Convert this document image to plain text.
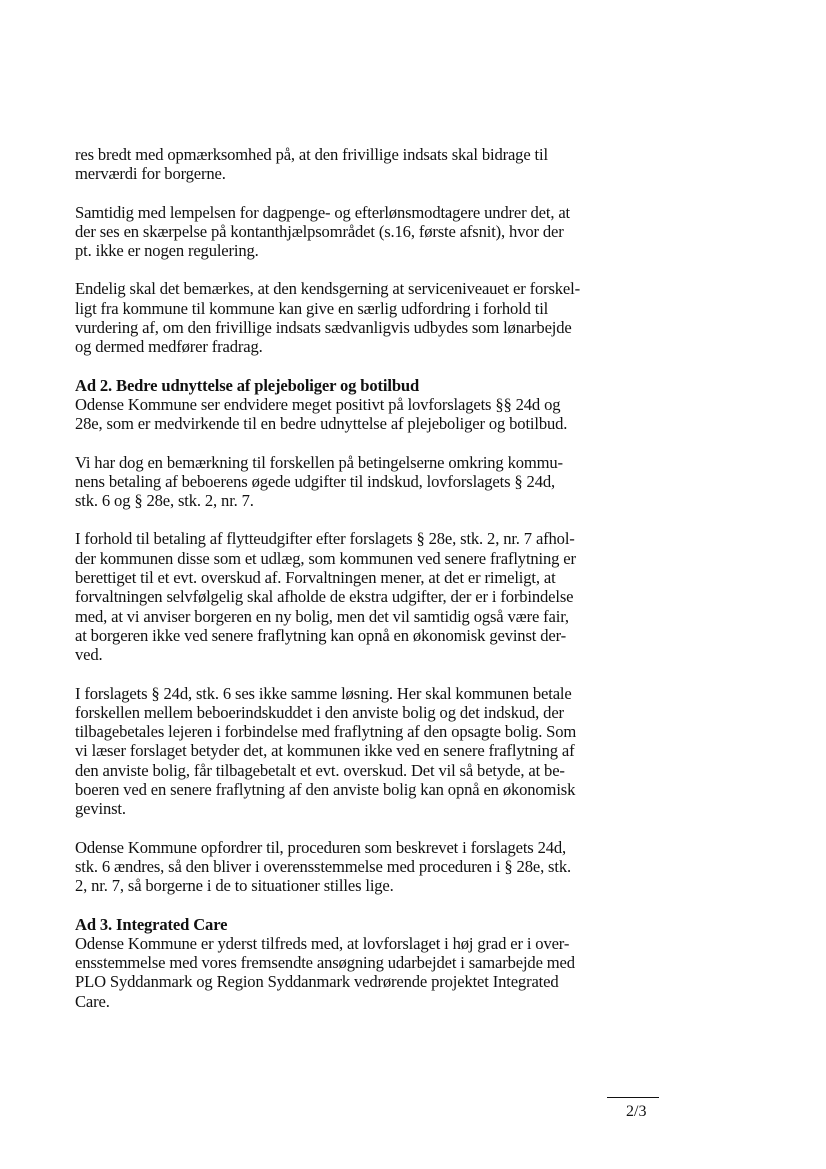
res bredt med opmærksomhed på, at den frivillige indsats skal bidrage til
merværdi for borgerne.
Samtidig med lempelsen for dagpenge- og efterlønsmodtagere undrer det, at
der ses en skærpelse på kontanthjælpsområdet (s.16, første afsnit), hvor der
pt. ikke er nogen regulering.
Endelig skal det bemærkes, at den kendsgerning at serviceniveauet er forskel-
ligt fra kommune til kommune kan give en særlig udfordring i forhold til
vurdering af, om den frivillige indsats sædvanligvis udbydes som lønarbejde
og dermed medfører fradrag.
Ad 2. Bedre udnyttelse af plejeboliger og botilbud
Odense Kommune ser endvidere meget positivt på lovforslagets §§ 24d og
28e, som er medvirkende til en bedre udnyttelse af plejeboliger og botilbud.
Vi har dog en bemærkning til forskellen på betingelserne omkring kommu-
nens betaling af beboerens øgede udgifter til indskud, lovforslagets § 24d,
stk. 6 og § 28e, stk. 2, nr. 7.
I forhold til betaling af flytteudgifter efter forslagets § 28e, stk. 2, nr. 7 afhol-
der kommunen disse som et udlæg, som kommunen ved senere fraflytning er
berettiget til et evt. overskud af. Forvaltningen mener, at det er rimeligt, at
forvaltningen selvfølgelig skal afholde de ekstra udgifter, der er i forbindelse
med, at vi anviser borgeren en ny bolig, men det vil samtidig også være fair,
at borgeren ikke ved senere fraflytning kan opnå en økonomisk gevinst der-
ved.
I forslagets § 24d, stk. 6 ses ikke samme løsning. Her skal kommunen betale
forskellen mellem beboerindskuddet i den anviste bolig og det indskud, der
tilbagebetales lejeren i forbindelse med fraflytning af den opsagte bolig. Som
vi læser forslaget betyder det, at kommunen ikke ved en senere fraflytning af
den anviste bolig, får tilbagebetalt et evt. overskud. Det vil så betyde, at be-
boeren ved en senere fraflytning af den anviste bolig kan opnå en økonomisk
gevinst.
Odense Kommune opfordrer til, proceduren som beskrevet i forslagets 24d,
stk. 6 ændres, så den bliver i overensstemmelse med proceduren i § 28e, stk.
2, nr. 7, så borgerne i de to situationer stilles lige.
Ad 3. Integrated Care
Odense Kommune er yderst tilfreds med, at lovforslaget i høj grad er i over-
ensstemmelse med vores fremsendte ansøgning udarbejdet i samarbejde med
PLO Syddanmark og Region Syddanmark vedrørende projektet Integrated
Care.
2/3
